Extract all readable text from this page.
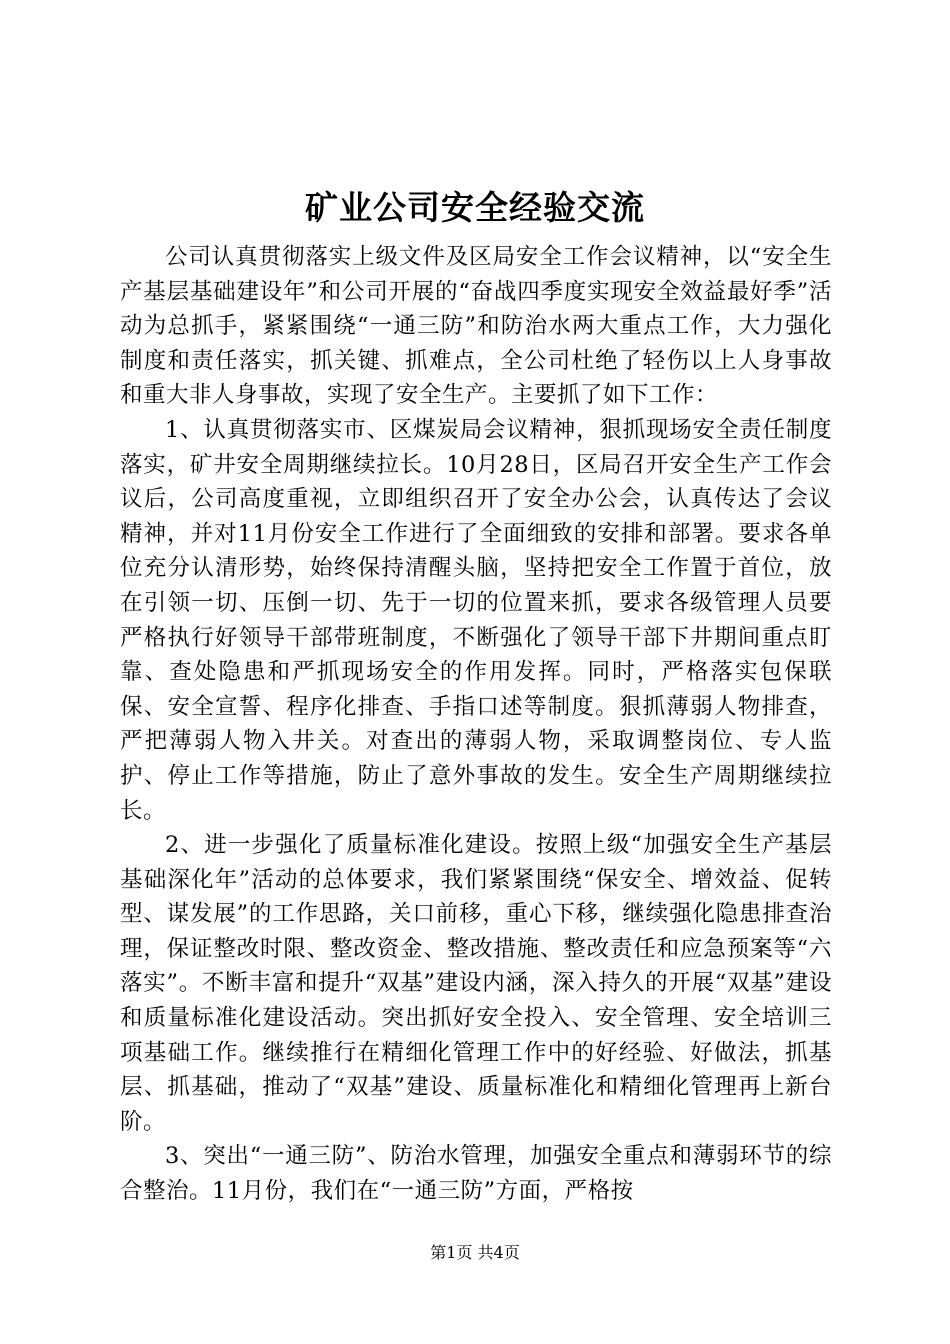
矿业公司安全经验交流

公司认真贯彻落实上级文件及区局安全工作会议精神，以“安全生产基层基础建设年”和公司开展的“奋战四季度实现安全效益最好季”活动为总抓手，紧紧围绕“一通三防”和防治水两大重点工作，大力强化制度和责任落实，抓关键、抓难点，全公司杜绝了轻伤以上人身事故和重大非人身事故，实现了安全生产。主要抓了如下工作：

1、认真贯彻落实市、区煤炭局会议精神，狠抓现场安全责任制度落实，矿井安全周期继续拉长。10月28日，区局召开安全生产工作会议后，公司高度重视，立即组织召开了安全办公会，认真传达了会议精神，并对11月份安全工作进行了全面细致的安排和部署。要求各单位充分认清形势，始终保持清醒头脑，坚持把安全工作置于首位，放在引领一切、压倒一切、先于一切的位置来抓，要求各级管理人员要严格执行好领导干部带班制度，不断强化了领导干部下井期间重点盯靠、查处隐患和严抓现场安全的作用发挥。同时，严格落实包保联保、安全宣誓、程序化排查、手指口述等制度。狠抓薄弱人物排查，严把薄弱人物入井关。对查出的薄弱人物，采取调整岗位、专人监护、停止工作等措施，防止了意外事故的发生。安全生产周期继续拉长。

2、进一步强化了质量标准化建设。按照上级“加强安全生产基层基础深化年”活动的总体要求，我们紧紧围绕“保安全、增效益、促转型、谋发展”的工作思路，关口前移，重心下移，继续强化隐患排查治理，保证整改时限、整改资金、整改措施、整改责任和应急预案等“六落实”。不断丰富和提升“双基”建设内涵，深入持久的开展“双基”建设和质量标准化建设活动。突出抓好安全投入、安全管理、安全培训三项基础工作。继续推行在精细化管理工作中的好经验、好做法，抓基层、抓基础，推动了“双基”建设、质量标准化和精细化管理再上新台阶。

3、突出“一通三防”、防治水管理，加强安全重点和薄弱环节的综合整治。11月份，我们在“一通三防”方面，严格按

第1页 共4页
